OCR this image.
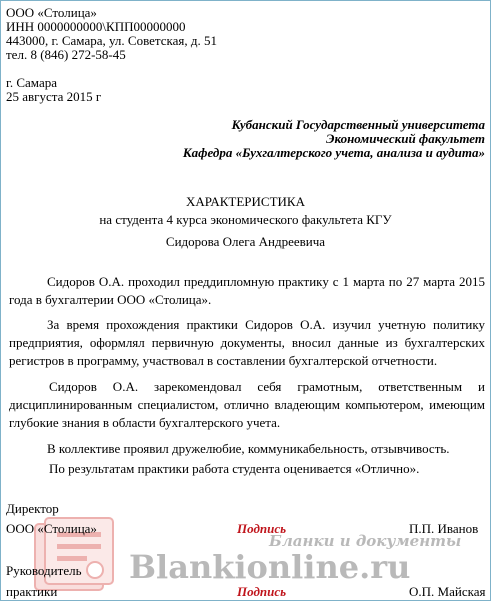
ООО «Столица»
ИНН 0000000000\КПП00000000
443000, г. Самара, ул. Советская, д. 51
тел. 8 (846) 272-58-45
г. Самара
25 августа 2015 г
Кубанский Государственный университета
Экономический факультет
Кафедра «Бухгалтерского учета, анализа и аудита»
ХАРАКТЕРИСТИКА
на студента 4 курса экономического факультета КГУ
Сидорова Олега Андреевича
Сидоров О.А. проходил преддипломную практику с 1 марта по 27 марта 2015 года в бухгалтерии ООО «Столица».
За время прохождения практики Сидоров О.А. изучил учетную политику предприятия, оформлял первичную документы, вносил данные из бухгалтерских регистров в программу, участвовал в составлении бухгалтерской отчетности.
Сидоров О.А. зарекомендовал себя грамотным, ответственным и дисциплинированным специалистом, отлично владеющим компьютером, имеющим глубокие знания в области бухгалтерского учета.
В коллективе проявил дружелюбие, коммуникабельность, отзывчивость.
По результатам практики работа студента оценивается «Отлично».
Бланки и документы
Blankionline.ru
Директор
ООО «Столица»	Подпись	П.П. Иванов
Руководитель
практики	Подпись	О.П. Майская
